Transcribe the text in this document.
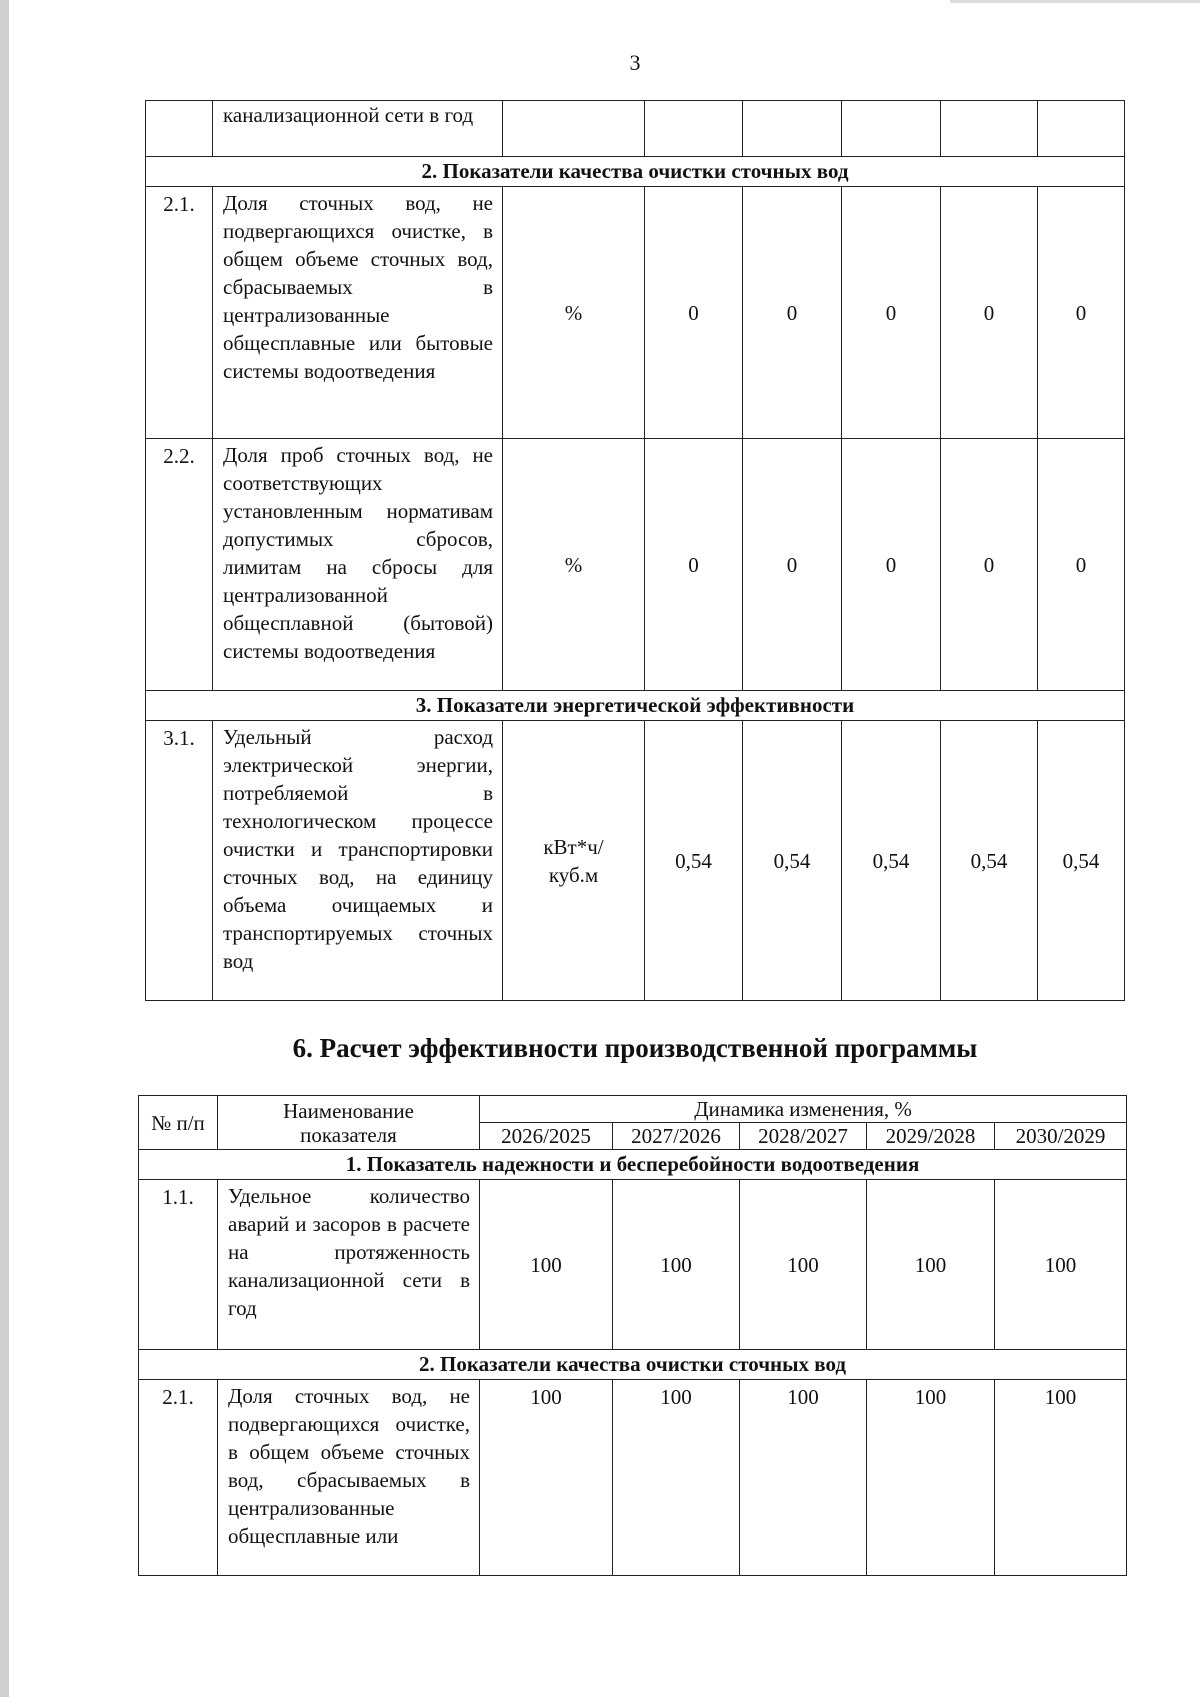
3
	канализационной сети в год						
2. Показатели качества очистки сточных вод							
2.1.	Доля сточных вод, не подвергающихся очистке, в общем объеме сточных вод, сбрасываемых в централизованные общесплавные или бытовые системы водоотведения	%	0	0	0	0	0
2.2.	Доля проб сточных вод, не соответствующих установленным нормативам допустимых сбросов, лимитам на сбросы для централизованной общесплавной (бытовой) системы водоотведения	%	0	0	0	0	0
3. Показатели энергетической эффективности							
3.1.	Удельный расход электрической энергии, потребляемой в технологическом процессе очистки и транспортировки сточных вод, на единицу объема очищаемых и транспортируемых сточных вод	кВт*ч/ куб.м	0,54	0,54	0,54	0,54	0,54
6. Расчет эффективности производственной программы
№ п/п	Наименование показателя	Динамика изменения, %				
		2026/2025	2027/2026	2028/2027	2029/2028	2030/2029
1. Показатель надежности и бесперебойности водоотведения						
1.1.	Удельное количество аварий и засоров в расчете на протяженность канализационной сети в год	100	100	100	100	100
2. Показатели качества очистки сточных вод						
2.1.	Доля сточных вод, не подвергающихся очистке, в общем объеме сточных вод, сбрасываемых в централизованные общесплавные или	100	100	100	100	100
